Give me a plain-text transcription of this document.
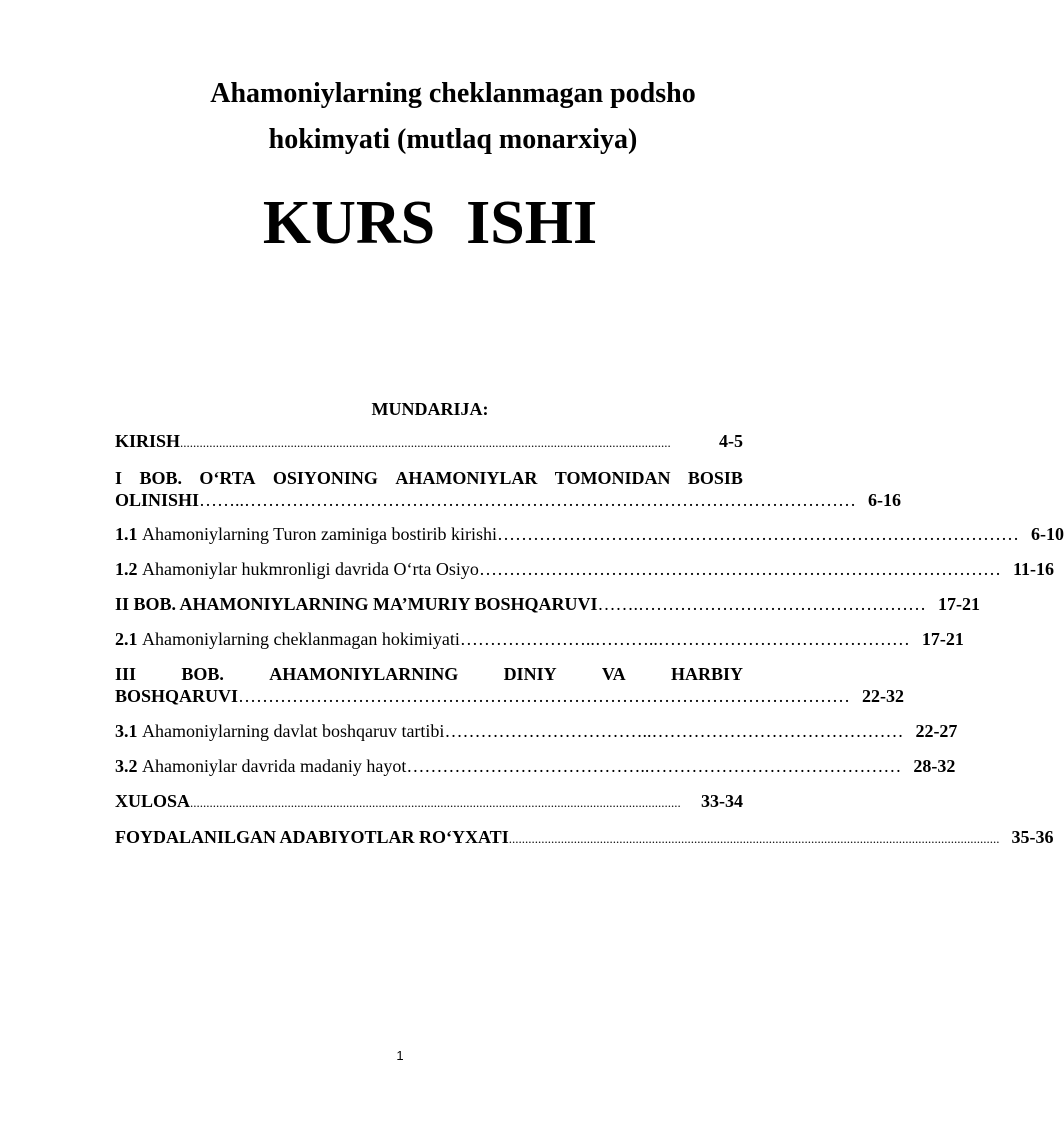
Ahamoniylarning cheklanmagan podsho
hokimyati (mutlaq monarxiya)
KURS  ISHI
MUNDARIJA:
KIRISH .......................................................................................................................................................	4-5
I BOB. O‘RTA OSIYONING AHAMONIYLAR TOMONIDAN BOSIB
OLINISHI ……..………………………………………………………………………………………… 6-16
1.1 Ahamoniylarning Turon zaminiga bostirib kirishi …………………………………………………………………………… 6-10
1.2 Ahamoniylar hukmronligi davrida O‘rta Osiyo …………………………………………………………………………… 11-16
II BOB. AHAMONIYLARNING MA’MURIY BOSHQARUVI …….………………………………………… 17-21
2.1 Ahamoniylarning cheklanmagan hokimiyati …………………..………..…………………………………… 17-21
III	BOB.	AHAMONIYLARNING	DINIY	VA	HARBIY
BOSHQARUVI ………………………………………………………………………………………… 22-32
3.1 Ahamoniylarning davlat boshqaruv tartibi ……………………………..…………………………………… 22-27
3.2 Ahamoniylar davrida madaniy hayot …………………………………..…………………………………… 28-32
XULOSA .......................................................................................................................................................	33-34
FOYDALANILGAN ADABIYOTLAR RO‘YXATI ....................................................................................................................................................... 35-36
1
